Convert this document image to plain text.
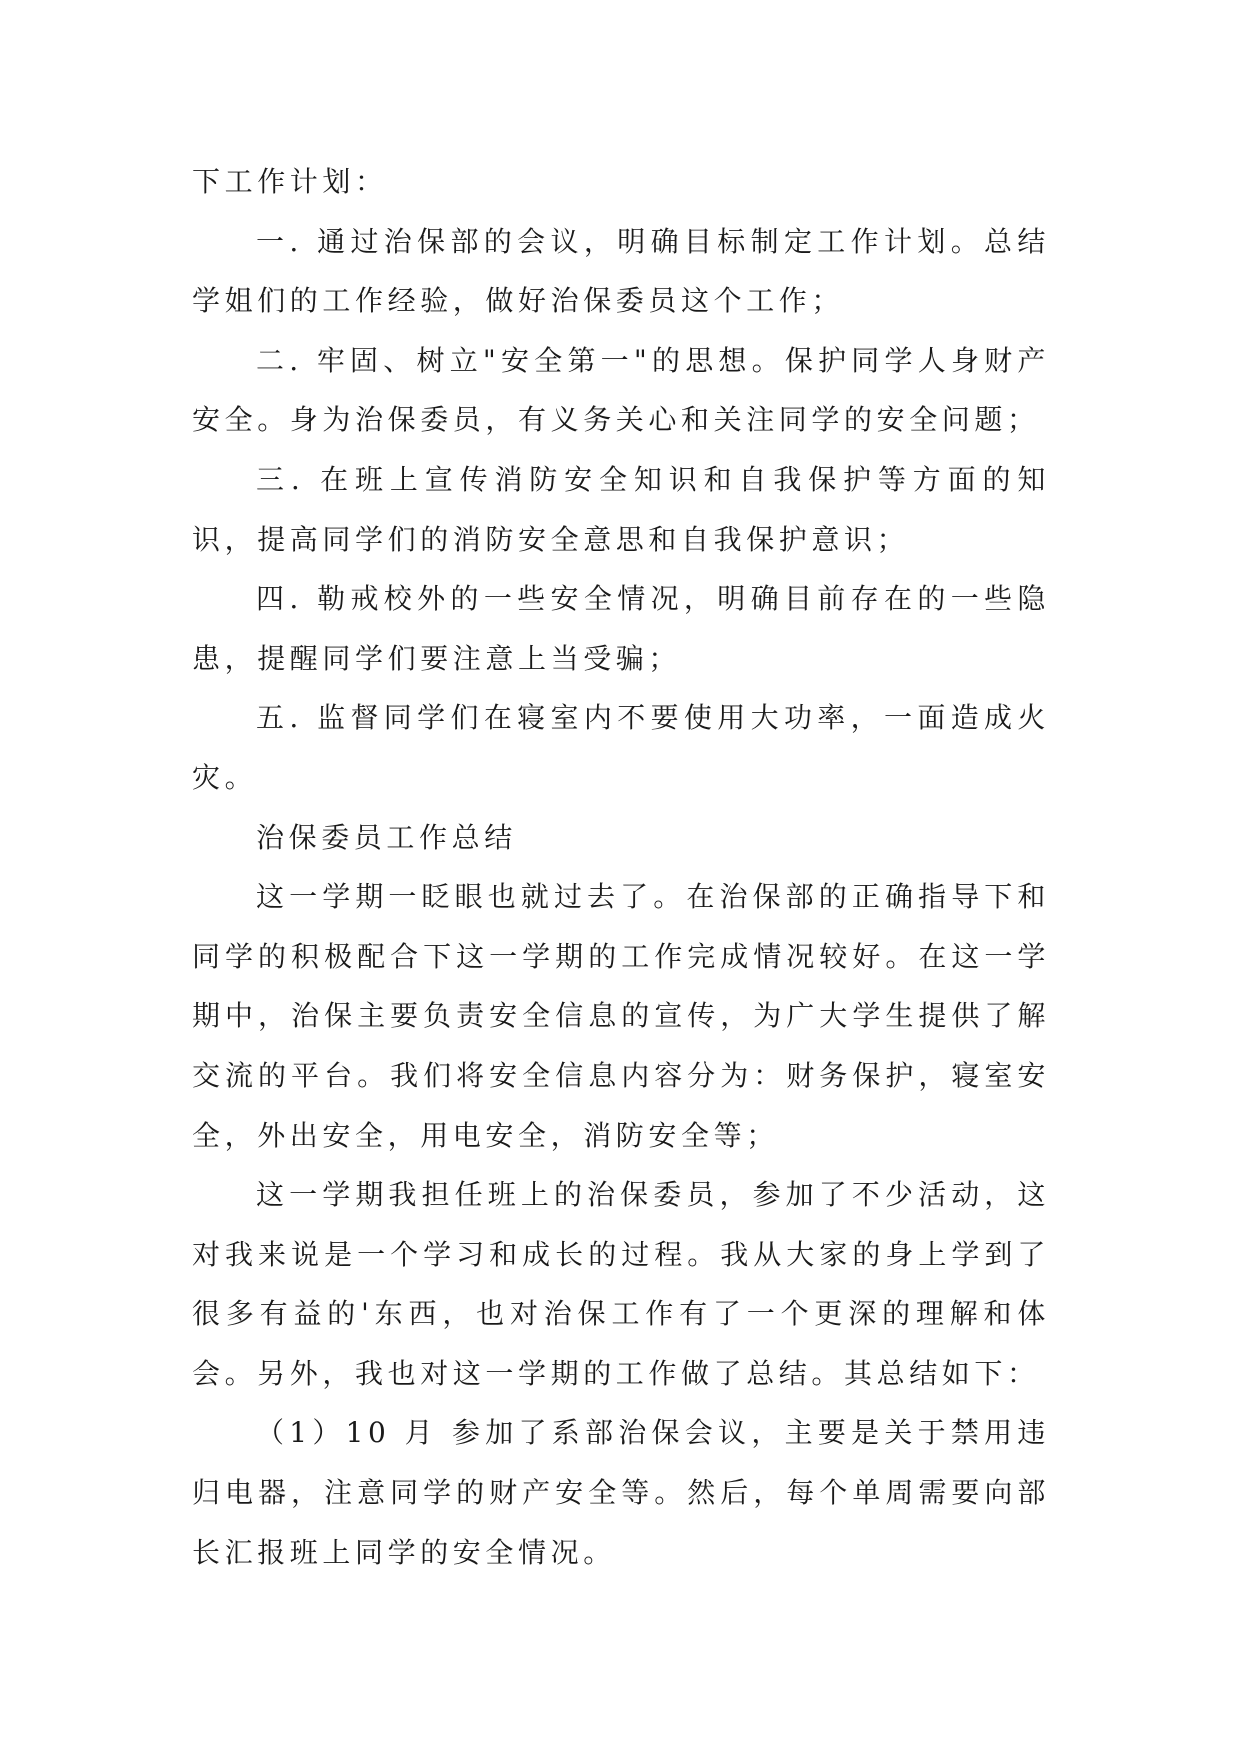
下工作计划：

一. 通过治保部的会议，明确目标制定工作计划。总结学姐们的工作经验，做好治保委员这个工作；

二. 牢固、树立"安全第一"的思想。保护同学人身财产安全。身为治保委员，有义务关心和关注同学的安全问题；

三. 在班上宣传消防安全知识和自我保护等方面的知识，提高同学们的消防安全意思和自我保护意识；

四. 勒戒校外的一些安全情况，明确目前存在的一些隐患，提醒同学们要注意上当受骗；

五. 监督同学们在寝室内不要使用大功率，一面造成火灾。

治保委员工作总结

这一学期一眨眼也就过去了。在治保部的正确指导下和同学的积极配合下这一学期的工作完成情况较好。在这一学期中，治保主要负责安全信息的宣传，为广大学生提供了解交流的平台。我们将安全信息内容分为：财务保护，寝室安全，外出安全，用电安全，消防安全等；

这一学期我担任班上的治保委员，参加了不少活动，这对我来说是一个学习和成长的过程。我从大家的身上学到了很多有益的'东西，也对治保工作有了一个更深的理解和体会。另外，我也对这一学期的工作做了总结。其总结如下：

（1）10 月 参加了系部治保会议，主要是关于禁用违归电器，注意同学的财产安全等。然后，每个单周需要向部长汇报班上同学的安全情况。
